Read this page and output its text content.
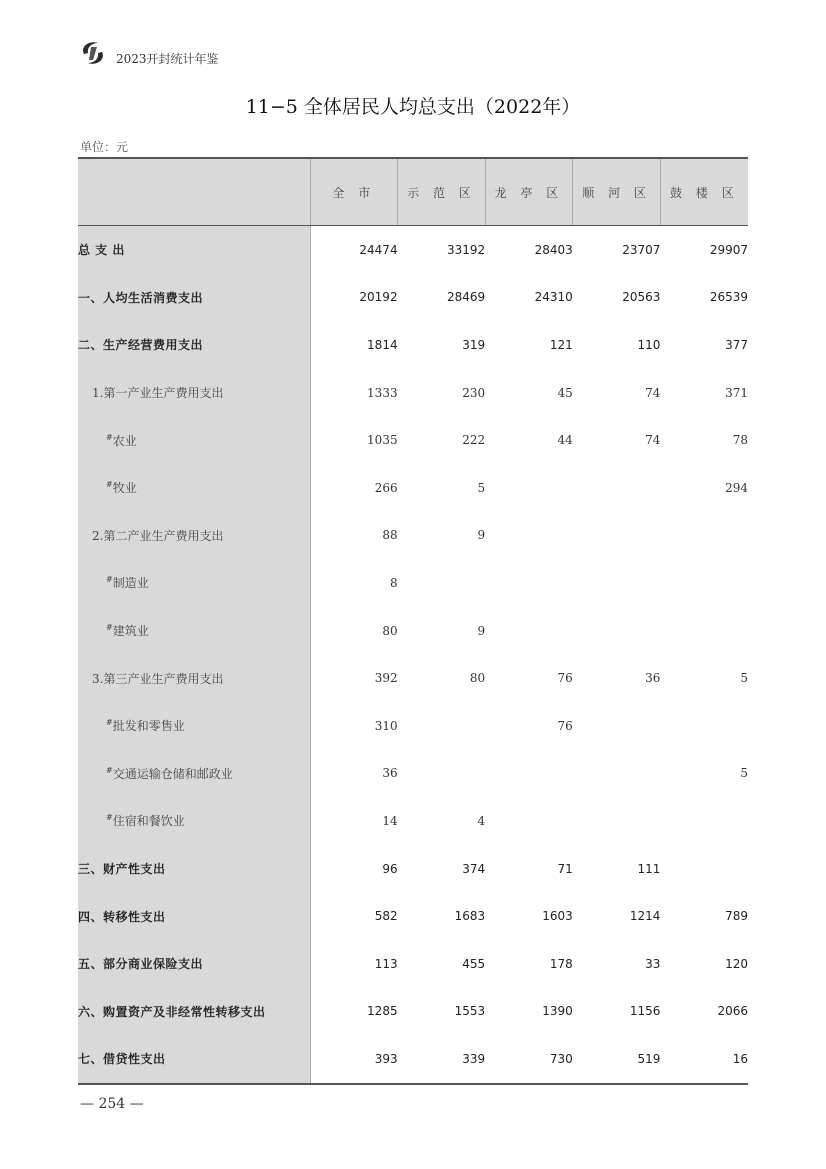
2023开封统计年鉴
11−5 全体居民人均总支出（2022年）
单位：元
	全 市	示 范 区	龙 亭 区	顺 河 区	鼓 楼 区
总 支 出	24474	33192	28403	23707	29907
一、人均生活消费支出	20192	28469	24310	20563	26539
二、生产经营费用支出	1814	319	121	110	377
1.第一产业生产费用支出	1333	230	45	74	371
#农业	1035	222	44	74	78
#牧业	266	5			294
2.第二产业生产费用支出	88	9			
#制造业	8				
#建筑业	80	9			
3.第三产业生产费用支出	392	80	76	36	5
#批发和零售业	310		76		
#交通运输仓储和邮政业	36				5
#住宿和餐饮业	14	4			
三、财产性支出	96	374	71	111	
四、转移性支出	582	1683	1603	1214	789
五、部分商业保险支出	113	455	178	33	120
六、购置资产及非经常性转移支出	1285	1553	1390	1156	2066
七、借贷性支出	393	339	730	519	16
— 254 —
